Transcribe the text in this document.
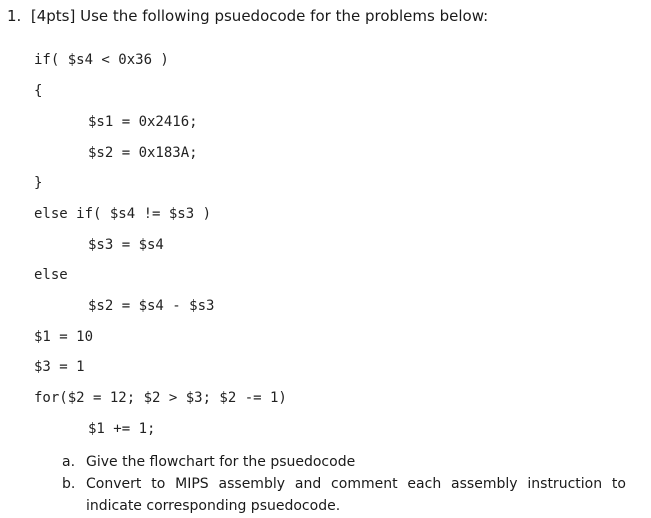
1. [4pts] Use the following psuedocode for the problems below:
if( $s4 < 0x36 )
{
$s1 = 0x2416;
$s2 = 0x183A;
}
else if( $s4 != $s3 )
$s3 = $s4
else
$s2 = $s4 - $s3
$1 = 10
$3 = 1
for($2 = 12; $2 > $3; $2 -= 1)
$1 += 1;
a. Give the flowchart for the psuedocode
b. Convert to MIPS assembly and comment each assembly instruction to indicate corresponding psuedocode.
